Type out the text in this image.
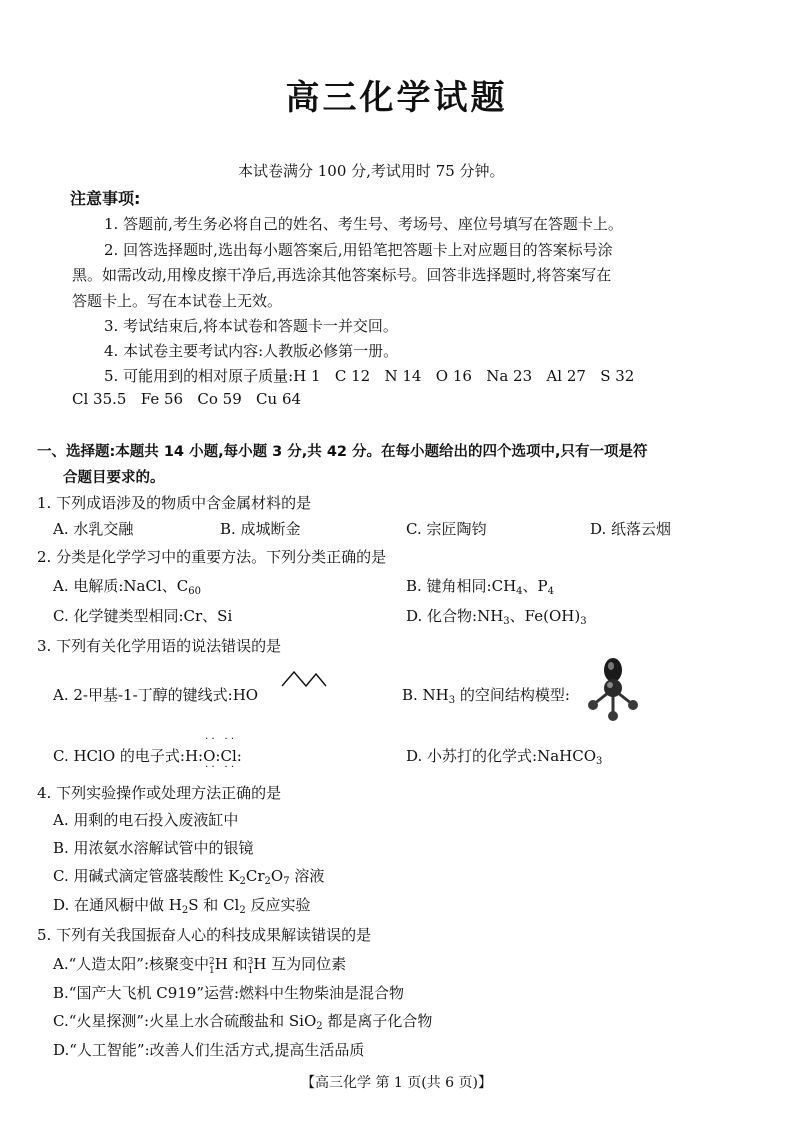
高三化学试题
本试卷满分 100 分,考试用时 75 分钟。
注意事项:
1. 答题前,考生务必将自己的姓名、考生号、考场号、座位号填写在答题卡上。
2. 回答选择题时,选出每小题答案后,用铅笔把答题卡上对应题目的答案标号涂
黑。如需改动,用橡皮擦干净后,再选涂其他答案标号。回答非选择题时,将答案写在
答题卡上。写在本试卷上无效。
3. 考试结束后,将本试卷和答题卡一并交回。
4. 本试卷主要考试内容:人教版必修第一册。
5. 可能用到的相对原子质量:H 1   C 12   N 14   O 16   Na 23   Al 27   S 32
Cl 35.5   Fe 56   Co 59   Cu 64
一、选择题:本题共 14 小题,每小题 3 分,共 42 分。在每小题给出的四个选项中,只有一项是符
合题目要求的。
1. 下列成语涉及的物质中含金属材料的是
A. 水乳交融	B. 成城断金	C. 宗匠陶钧	D. 纸落云烟
2. 分类是化学学习中的重要方法。下列分类正确的是
A. 电解质:NaCl、$C_{60}$	B. 键角相同$:CH_4$、$P_4$
C. 化学键类型相同:Cr、Si	D. 化合物$:NH_3$、$Fe(OH)_3$
3. 下列有关化学用语的说法错误的是
A. 2-甲基-1-丁醇的键线式:HO	B. $NH_3$ 的空间结构模型:
C. HClO 的电子式:H:
· ·
O
· ·
:
· ·
Cl
· ·
:	D. 小苏打的化学式:NaHCO$_3$
4. 下列实验操作或处理方法正确的是
A. 用剩的电石投入废液缸中
B. 用浓氨水溶解试管中的银镜
C. 用碱式滴定管盛装酸性 $K_2Cr_2O_7$ 溶液
D. 在通风橱中做 $H_2S$ 和 $Cl_2$ 反应实验
5. 下列有关我国振奋人心的科技成果解读错误的是
A.“人造太阳”:核聚变中2
1H 和3
1H 互为同位素
B.“国产大飞机 C919”运营:燃料中生物柴油是混合物
C.“火星探测”:火星上水合硫酸盐和 SiO$_2$ 都是离子化合物
D.“人工智能”:改善人们生活方式,提高生活品质
【高三化学 第 1 页(共 6 页)】
